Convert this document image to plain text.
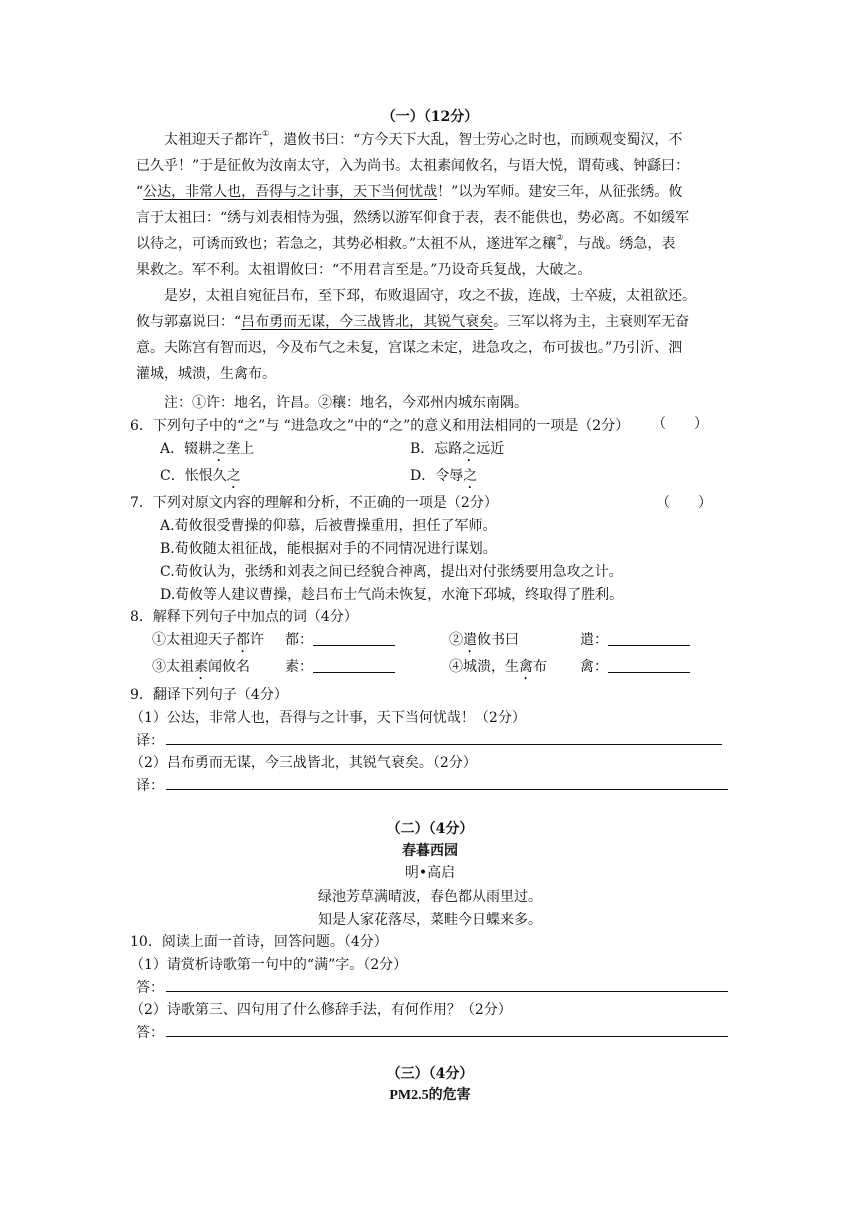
（一）（12分）
太祖迎天子都许①，遣攸书曰：“方今天下大乱，智士劳心之时也，而顾观变蜀汉，不
已久乎！”于是征攸为汝南太守，入为尚书。太祖素闻攸名，与语大悦，谓荀彧、钟繇曰：
“公达，非常人也，吾得与之计事，天下当何忧哉！”以为军师。建安三年，从征张绣。攸
言于太祖曰：“绣与刘表相恃为强，然绣以游军仰食于表，表不能供也，势必离。不如缓军
以待之，可诱而致也；若急之，其势必相救。”太祖不从，遂进军之穰②，与战。绣急，表
果救之。军不利。太祖谓攸曰：“不用君言至是。”乃设奇兵复战，大破之。
是岁，太祖自宛征吕布，至下邳，布败退固守，攻之不拔，连战，士卒疲，太祖欲还。
攸与郭嘉说曰：“吕布勇而无谋，今三战皆北，其锐气衰矣。三军以将为主，主衰则军无奋
意。夫陈宫有智而迟，今及布气之未复，宫谋之未定，进急攻之，布可拔也。”乃引沂、泗
灌城，城溃，生禽布。
注：①许：地名，许昌。②穰：地名，今邓州内城东南隅。
6．下列句子中的“之”与 “进急攻之”中的“之”的意义和用法相同的一项是（2分） （　　）
A．辍耕之垄上	B．忘路之远近
C．怅恨久之	D．令辱之
7．下列对原文内容的理解和分析，不正确的一项是（2分）	（　　）
A.荀攸很受曹操的仰慕，后被曹操重用，担任了军师。
B.荀攸随太祖征战，能根据对手的不同情况进行谋划。
C.荀攸认为，张绣和刘表之间已经貌合神离，提出对付张绣要用急攻之计。
D.荀攸等人建议曹操，趁吕布士气尚未恢复，水淹下邳城，终取得了胜利。
8．解释下列句子中加点的词（4分）
①太祖迎天子都许 都：	②遣攸书曰	遣：
③太祖素闻攸名	素：	④城溃，生禽布 禽：
9．翻译下列句子（4分）
（1）公达，非常人也，吾得与之计事，天下当何忧哉！（2分）
译：
（2）吕布勇而无谋，今三战皆北，其锐气衰矣。（2分）
译：
（二）（4分）
春暮西园
明•高启
绿池芳草满晴波，春色都从雨里过。
知是人家花落尽，菜畦今日蝶来多。
10．阅读上面一首诗，回答问题。（4分）
（1）请赏析诗歌第一句中的“满”字。（2分）
答：
（2）诗歌第三、四句用了什么修辞手法，有何作用？（2分）
答：
（三）（4分）
PM2.5的危害
